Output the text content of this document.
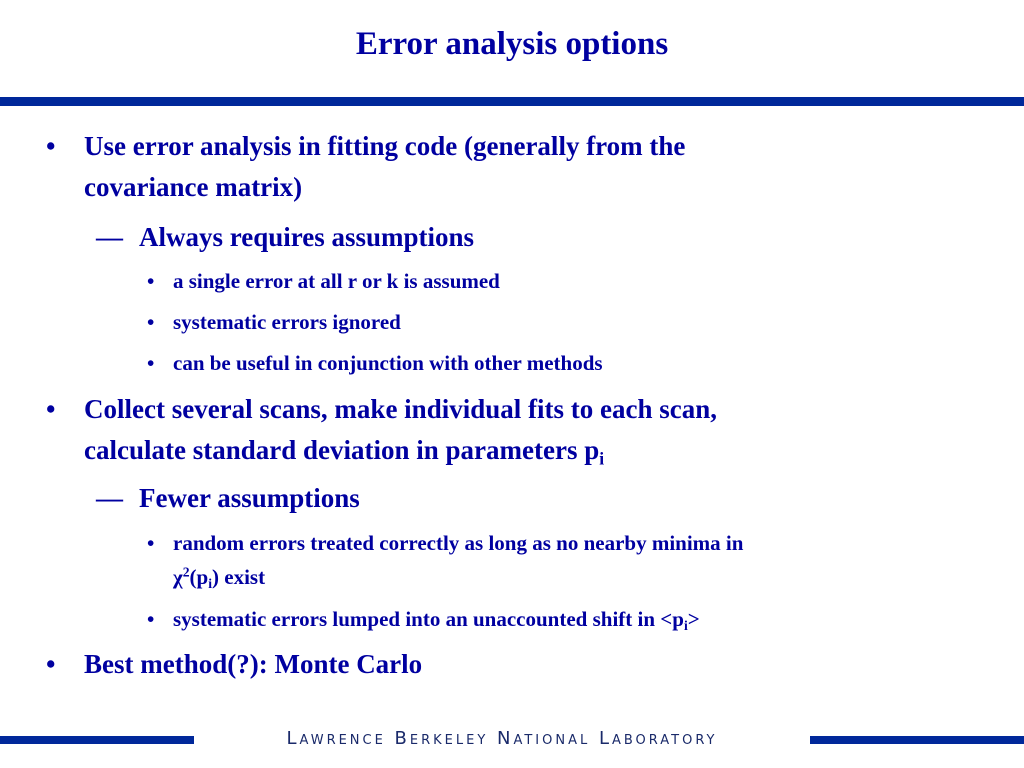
Error analysis options
• Use error analysis in fitting code (generally from the
covariance matrix)
— Always requires assumptions
• a single error at all r or k is assumed
• systematic errors ignored
• can be useful in conjunction with other methods
• Collect several scans, make individual fits to each scan,
calculate standard deviation in parameters $p_i$
— Fewer assumptions
• random errors treated correctly as long as no nearby minima in
$\chi^2(p_i)$ exist
• systematic errors lumped into an unaccounted shift in $<p_i>$
• Best method(?): Monte Carlo
Lawrence Berkeley National Laboratory
